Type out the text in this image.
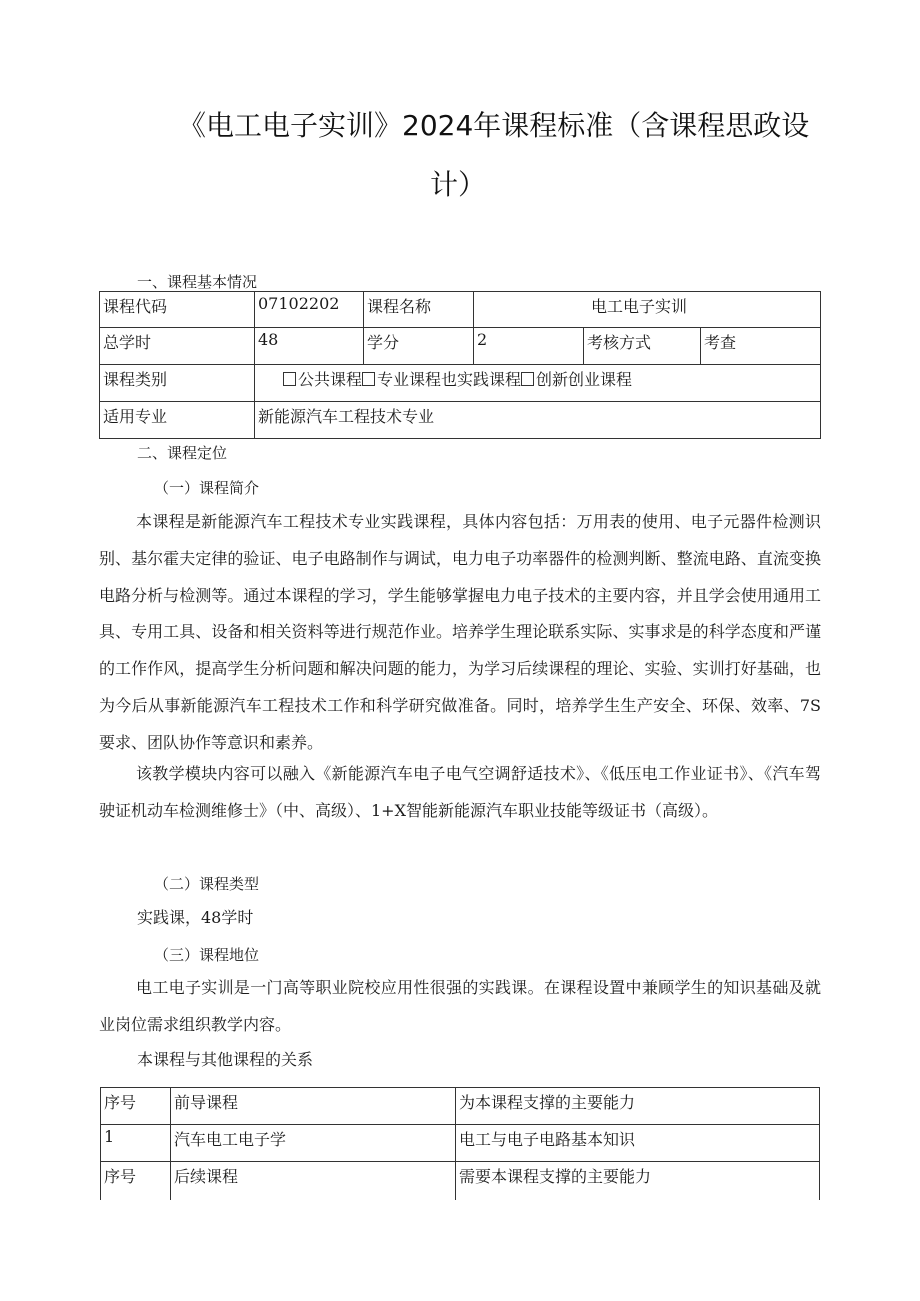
《电工电子实训》2024年课程标准（含课程思政设
计）
一、课程基本情况
课程代码	07102202	课程名称	电工电子实训		
总学时	48	学分	2	考核方式	考查
课程类别	公共课程 专业课程也实践课程 创新创业课程				
适用专业	新能源汽车工程技术专业				
二、课程定位
（一）课程简介

本课程是新能源汽车工程技术专业实践课程，具体内容包括：万用表的使用、电子元器件检测识别、基尔霍夫定律的验证、电子电路制作与调试，电力电子功率器件的检测判断、整流电路、直流变换电路分析与检测等。通过本课程的学习，学生能够掌握电力电子技术的主要内容，并且学会使用通用工具、专用工具、设备和相关资料等进行规范作业。培养学生理论联系实际、实事求是的科学态度和严谨的工作作风，提高学生分析问题和解决问题的能力，为学习后续课程的理论、实验、实训打好基础，也为今后从事新能源汽车工程技术工作和科学研究做准备。同时，培养学生生产安全、环保、效率、7S要求、团队协作等意识和素养。

该教学模块内容可以融入《新能源汽车电子电气空调舒适技术》、《低压电工作业证书》、《汽车驾驶证机动车检测维修士》（中、高级）、1+X智能新能源汽车职业技能等级证书（高级）。

（二）课程类型
实践课，48学时
（三）课程地位

电工电子实训是一门高等职业院校应用性很强的实践课。在课程设置中兼顾学生的知识基础及就业岗位需求组织教学内容。

本课程与其他课程的关系
序号	前导课程	为本课程支撑的主要能力
1	汽车电工电子学	电工与电子电路基本知识
序号	后续课程	需要本课程支撑的主要能力
